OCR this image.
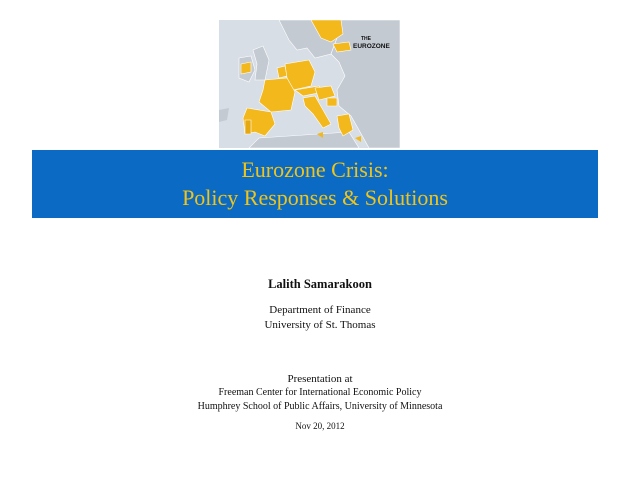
THE
EUROZONE
Eurozone Crisis:
Policy Responses & Solutions
Lalith Samarakoon
Department of Finance
University of St. Thomas
Presentation at
Freeman Center for International Economic Policy
Humphrey School of Public Affairs, University of Minnesota
Nov 20, 2012
